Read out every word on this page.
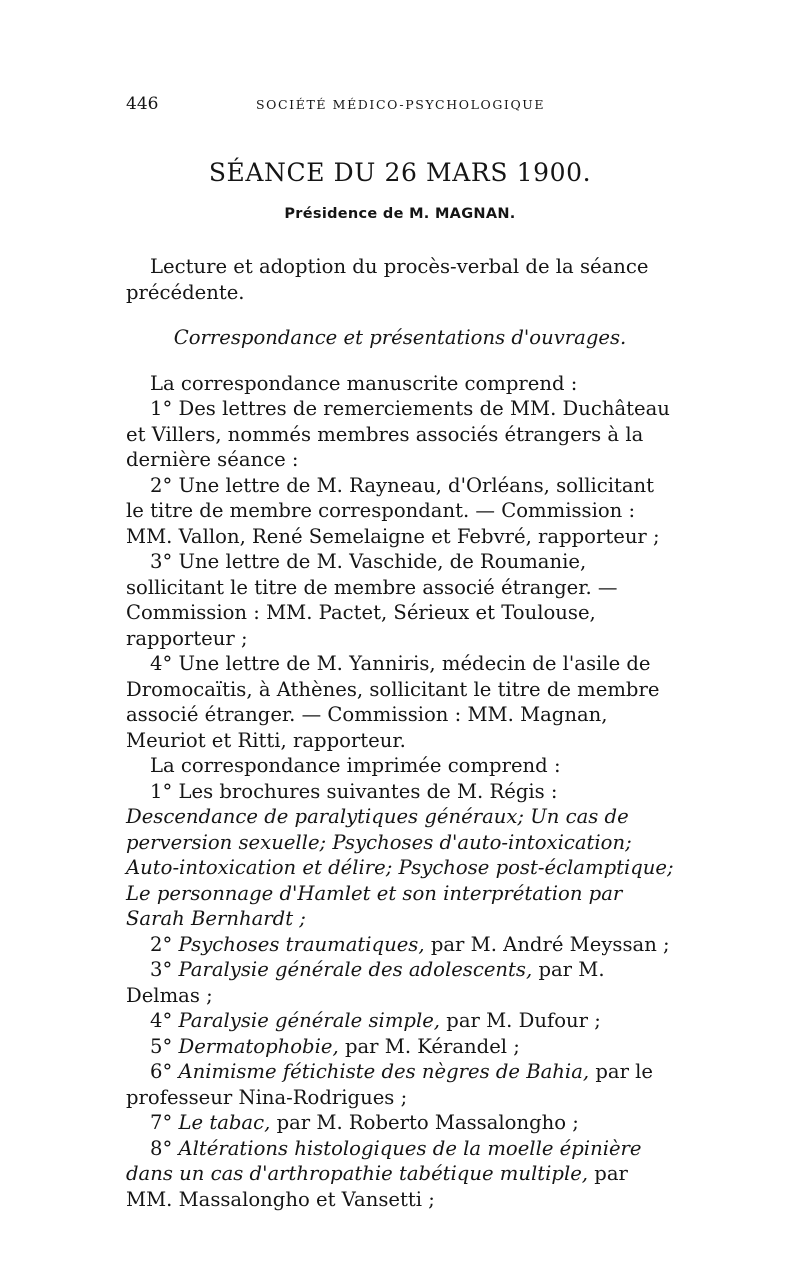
446	SOCIÉTÉ MÉDICO-PSYCHOLOGIQUE
SÉANCE DU 26 MARS 1900.
Présidence de M. MAGNAN.

Lecture et adoption du procès-verbal de la séance précédente.

Correspondance et présentations d'ouvrages.

La correspondance manuscrite comprend :

1° Des lettres de remerciements de MM. Duchâteau et Villers, nommés membres associés étrangers à la dernière séance :

2° Une lettre de M. Rayneau, d'Orléans, sollicitant le titre de membre correspondant. — Commission : MM. Vallon, René Semelaigne et Febvré, rapporteur ;

3° Une lettre de M. Vaschide, de Roumanie, sollicitant le titre de membre associé étranger. — Commission : MM. Pactet, Sérieux et Toulouse, rapporteur ;

4° Une lettre de M. Yanniris, médecin de l'asile de Dromocaïtis, à Athènes, sollicitant le titre de membre associé étranger. — Commission : MM. Magnan, Meuriot et Ritti, rapporteur.

La correspondance imprimée comprend :

1° Les brochures suivantes de M. Régis : Descendance de paralytiques généraux; Un cas de perversion sexuelle; Psychoses d'auto-intoxication; Auto-intoxication et délire; Psychose post-éclamptique; Le personnage d'Hamlet et son interprétation par Sarah Bernhardt ;

2° Psychoses traumatiques, par M. André Meyssan ;

3° Paralysie générale des adolescents, par M. Delmas ;

4° Paralysie générale simple, par M. Dufour ;

5° Dermatophobie, par M. Kérandel ;

6° Animisme fétichiste des nègres de Bahia, par le professeur Nina-Rodrigues ;

7° Le tabac, par M. Roberto Massalongho ;

8° Altérations histologiques de la moelle épinière dans un cas d'arthropathie tabétique multiple, par MM. Massalongho et Vansetti ;
